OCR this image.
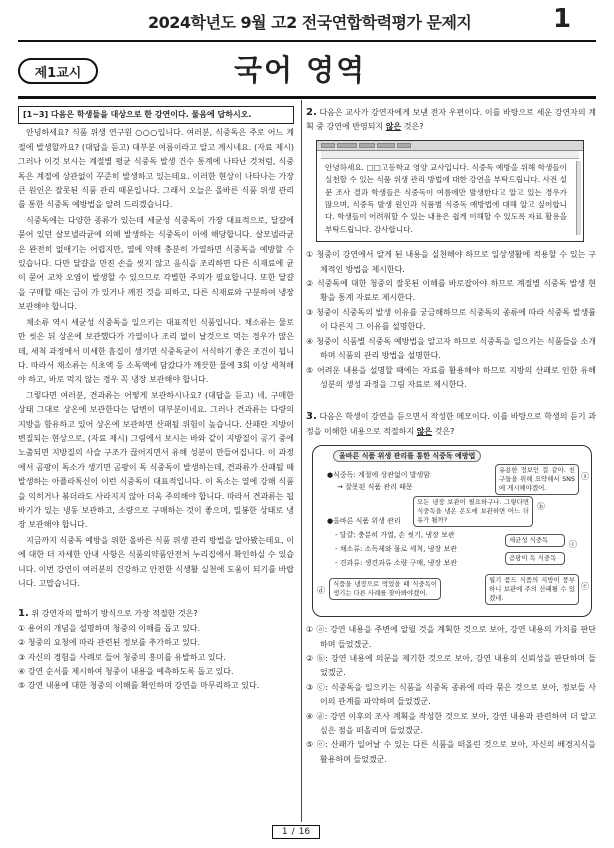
2024학년도 9월 고2 전국연합학력평가 문제지	1
제1교시	국어 영역
[1~3] 다음은 학생들을 대상으로 한 강연이다. 물음에 답하시오.

안녕하세요? 식품 위생 연구원 ○○○입니다. 여러분, 식중독은 주로 어느 계절에 발생할까요? (대답을 듣고) 대부분 여름이라고 알고 계시네요. (자료 제시) 그러나 이것 보시는 계절별 평균 식중독 발생 건수 통계에 나타난 것처럼, 식중독은 계절에 상관없이 꾸준히 발생하고 있는데요. 이러한 현상이 나타나는 가장 큰 원인은 잘못된 식품 관리 때문입니다. 그래서 오늘은 올바른 식품 위생 관리를 통한 식중독 예방법을 알려 드리겠습니다.

식중독에는 다양한 종류가 있는데 세균성 식중독이 가장 대표적으로, 달걀에 묻어 있던 살모넬라균에 의해 발생하는 식중독이 이에 해당합니다. 살모넬라균은 완전히 없애기는 어렵지만, 열에 약해 충분히 가열하면 식중독을 예방할 수 있습니다. 다만 달걀을 만진 손을 씻지 않고 음식을 조리하면 다른 식재료에 균이 묻어 교차 오염이 발생할 수 있으므로 각별한 주의가 필요합니다. 또한 달걀을 구매할 때는 금이 가 있거나 깨진 것을 피하고, 다른 식재료와 구분하여 냉장 보관해야 합니다.

채소류 역시 세균성 식중독을 일으키는 대표적인 식품입니다. 채소류는 물로만 씻은 뒤 상온에 보관했다가 가열이나 조리 없이 날것으로 먹는 경우가 많은데, 세척 과정에서 미세한 흠집이 생기면 식중독균이 서식하기 좋은 조건이 됩니다. 따라서 채소류는 식초액 등 소독액에 담갔다가 깨끗한 물에 3회 이상 세척해야 하고, 바로 먹지 않는 경우 꼭 냉장 보관해야 합니다.

그렇다면 여러분, 견과류는 어떻게 보관하시나요? (대답을 듣고) 네, 구매한 상태 그대로 상온에 보관한다는 답변이 대부분이네요. 그러나 견과류는 다량의 지방을 함유하고 있어 상온에 보관하면 산패될 위험이 높습니다. 산패란 지방이 변질되는 현상으로, (자료 제시) 그림에서 보시는 바와 같이 지방질이 공기 중에 노출되면 지방질의 사슬 구조가 끊어지면서 유해 성분이 만들어집니다. 이 과정에서 곰팡이 독소가 생기면 곰팡이 독 식중독이 발생하는데, 견과류가 산패될 때 발생하는 아플라톡신이 이런 식중독이 대표적입니다. 이 독소는 열에 강해 식품을 익히거나 볶더라도 사라지지 않아 더욱 주의해야 합니다. 따라서 견과류는 됩바기가 있는 냉동 보관하고, 소량으로 구매하는 것이 좋으며, 밀봉한 상태로 냉장 보관해야 합니다.

지금까지 식중독 예방을 위한 올바른 식품 위생 관리 방법을 알아봤는데요, 이에 대한 더 자세한 안내 사항은 식품의약품안전처 누리집에서 확인하실 수 있습니다. 이번 강연이 여러분의 건강하고 안전한 식생활 실천에 도움이 되기를 바랍니다. 고맙습니다.

1. 위 강연자의 말하기 방식으로 가장 적절한 것은?
① 용어의 개념을 설명하며 청중의 이해를 돕고 있다.
② 청중의 요청에 따라 관련된 정보를 추가하고 있다.
③ 자신의 경험을 사례로 들어 청중의 흥미를 유발하고 있다.
④ 강연 순서를 제시하여 청중이 내용을 예측하도록 돕고 있다.
⑤ 강연 내용에 대한 청중의 이해를 확인하며 강연을 마무리하고 있다.
2. 다음은 교사가 강연자에게 보낸 전자 우편이다. 이를 바탕으로 세운 강연자의 계획 중 강연에 반영되지 않은 것은?
안녕하세요. □□고등학교 영양 교사입니다. 식중독 예방을 위해 학생들이 실천할 수 있는 식품 위생 관리 방법에 대한 강연을 부탁드립니다. 사전 설문 조사 결과 학생들은 식중독이 여름에만 발생한다고 알고 있는 경우가 많으며, 식중독 발생 원인과 식품별 식중독 예방법에 대해 알고 싶어합니다. 학생들이 어려워할 수 있는 내용은 쉽게 이해할 수 있도록 자료 활용을 부탁드립니다. 감사합니다.
① 청중이 강연에서 알게 된 내용을 실천해야 하므로 일상생활에 적용할 수 있는 구체적인 방법을 제시한다.
② 식중독에 대한 청중의 잘못된 이해를 바로잡아야 하므로 계절별 식중독 발생 현황을 통계 자료로 제시한다.
③ 청중이 식중독의 발생 이유를 궁금해하므로 식중독의 종류에 따라 식중독 발생률이 다른지 그 이유를 설명한다.
④ 청중이 식품별 식중독 예방법을 알고자 하므로 식중독을 일으키는 식품들을 소개하며 식품의 관리 방법을 설명한다.
⑤ 어려운 내용을 설명할 때에는 자료를 활용해야 하므로 지방의 산패로 인한 유해 성분의 생성 과정을 그림 자료로 제시한다.
3. 다음은 학생이 강연을 듣으면서 작성한 메모이다. 이를 바탕으로 학생의 듣기 과정을 이해한 내용으로 적절하지 않은 것은?
올바른 식품 위생 관리를 통한 식중독 예방법
●식중독: 계절에 상관없이 발생함
→ 잘못된 식품 관리 때문
●올바른 식품 위생 관리
- 달걀: 충분히 가열, 손 씻기, 냉장 보관
- 채소류: 소독제와 물로 세척, 냉장 보관
- 견과류: 생견과류 소량 구매, 냉장 보관
유용한 정보인 걸 같아. 친구들을 위해 요약해서 SNS에 게시해야겠어.
ⓐ
모든 냉장 보관이 필요하구나. 그렇다면 식중독을 냉온 온도에 보관하면 어느 더 유가 될까?
ⓑ
세균성 식중독	ⓒ
곰팡이 독 식중독
식품을 냉장으로 먹었을 때 식중독이 생기는 다른 사례를 찾아봐야겠어.
ⓓ
월기 품드 식품의 지방이 풍부하니 보관에 주의 산패될 수 있겠네.
ⓔ
① ⓐ: 강연 내용을 주변에 알릴 것을 계획한 것으로 보아, 강연 내용의 가치를 판단하며 들었겠군.
② ⓑ: 강연 내용에 의문을 제기한 것으로 보아, 강연 내용의 신뢰성을 판단하며 들었겠군.
③ ⓒ: 식중독을 일으키는 식품을 식중독 종류에 따라 묶은 것으로 보아, 정보들 사이의 관계를 파악하며 들었겠군.
④ ⓓ: 강연 이후의 조사 계획을 작성한 것으로 보아, 강연 내용과 관련하여 더 알고 싶은 점을 떠올리며 들었겠군.
⑤ ⓔ: 산패가 일어날 수 있는 다른 식품을 떠올린 것으로 보아, 자신의 배경지식을 활용하며 들었겠군.
1 / 16
